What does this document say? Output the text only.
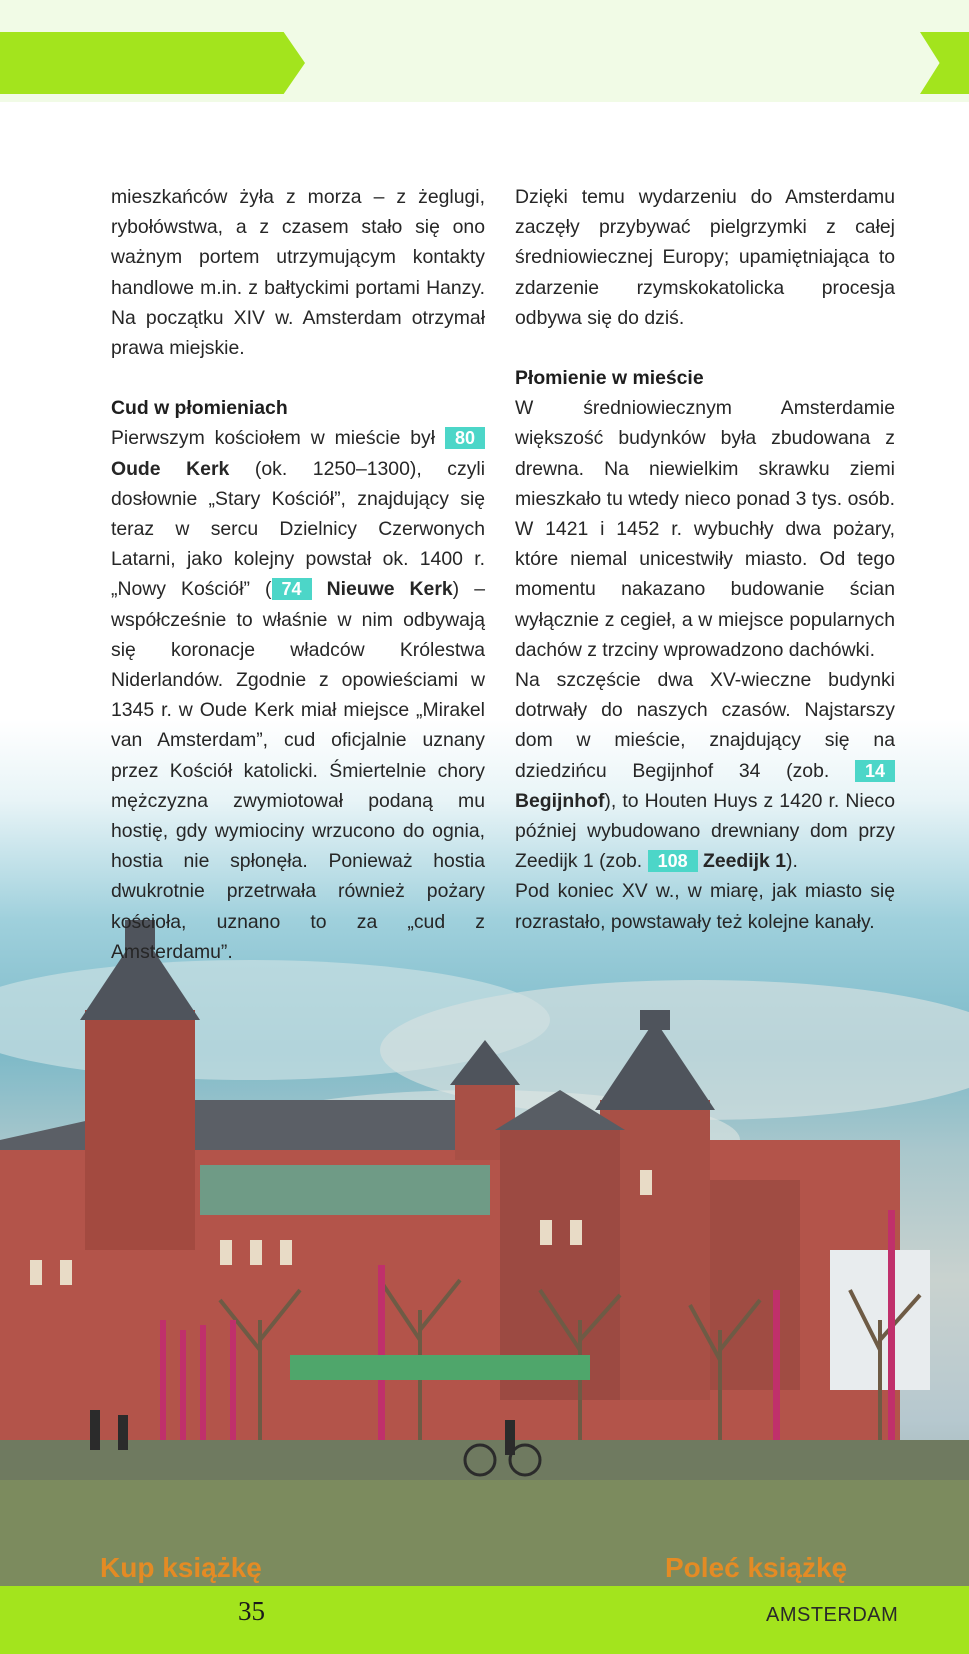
mieszkańców żyła z morza – z żeglugi, rybołówstwa, a z czasem stało się ono ważnym portem utrzymującym kontakty handlowe m.in. z bałtyckimi portami Hanzy. Na początku XIV w. Amsterdam otrzymał prawa miejskie.

Cud w płomieniach

Pierwszym kościołem w mieście był 80 Oude Kerk (ok. 1250–1300), czyli dosłownie „Stary Kościół”, znajdujący się teraz w sercu Dzielnicy Czerwonych Latarni, jako kolejny powstał ok. 1400 r. „Nowy Kościół” ( 74 Nieuwe Kerk) – współcześnie to właśnie w nim odbywają się koronacje władców Królestwa Niderlandów. Zgodnie z opowieściami w 1345 r. w Oude Kerk miał miejsce „Mirakel van Amsterdam”, cud oficjalnie uznany przez Kościół katolicki. Śmiertelnie chory mężczyzna zwymiotował podaną mu hostię, gdy wymiociny wrzucono do ognia, hostia nie spłonęła. Ponieważ hostia dwukrotnie przetrwała również pożary kościoła, uznano to za „cud z Amsterdamu”.

Dzięki temu wydarzeniu do Amsterdamu zaczęły przybywać pielgrzymki z całej średniowiecznej Europy; upamiętniająca to zdarzenie rzymskokatolicka procesja odbywa się do dziś.

Płomienie w mieście

W średniowiecznym Amsterdamie większość budynków była zbudowana z drewna. Na niewielkim skrawku ziemi mieszkało tu wtedy nieco ponad 3 tys. osób. W 1421 i 1452 r. wybuchły dwa pożary, które niemal unicestwiły miasto. Od tego momentu nakazano budowanie ścian wyłącznie z cegieł, a w miejsce popularnych dachów z trzciny wprowadzono dachówki.

Na szczęście dwa XV-wieczne budynki dotrwały do naszych czasów. Najstarszy dom w mieście, znajdujący się na dziedzińcu Begijnhof 34 (zob. 14 Begijnhof), to Houten Huys z 1420 r. Nieco później wybudowano drewniany dom przy Zeedijk 1 (zob. 108 Zeedijk 1).

Pod koniec XV w., w miarę, jak miasto się rozrastało, powstawały też kolejne kanały.

Kup książkę	Poleć książkę
35	AMSTERDAM
